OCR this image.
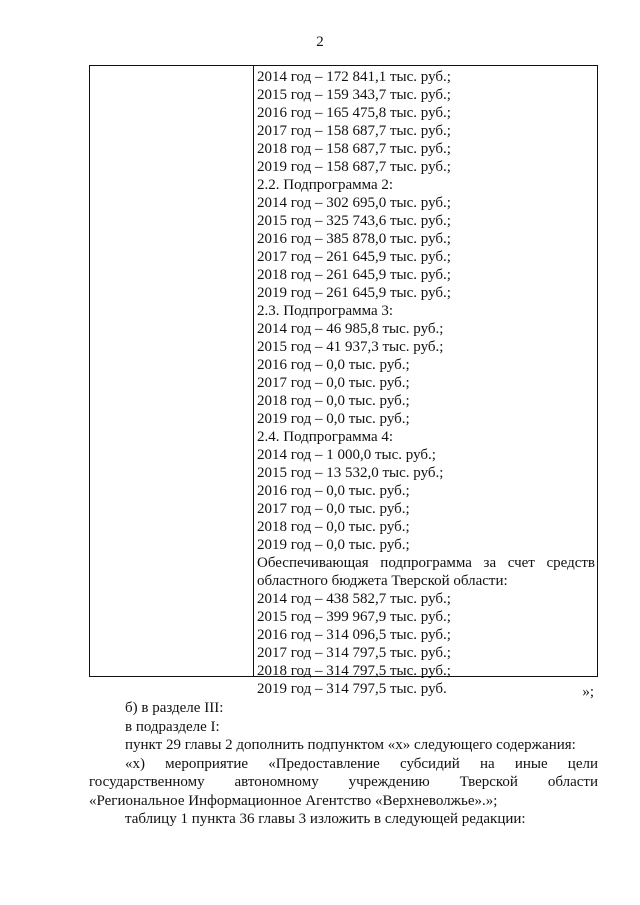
2
2014 год – 172 841,1 тыс. руб.;
2015 год – 159 343,7 тыс. руб.;
2016 год – 165 475,8 тыс. руб.;
2017 год – 158 687,7 тыс. руб.;
2018 год – 158 687,7 тыс. руб.;
2019 год – 158 687,7 тыс. руб.;
2.2. Подпрограмма 2:
2014 год – 302 695,0 тыс. руб.;
2015 год – 325 743,6 тыс. руб.;
2016 год – 385 878,0 тыс. руб.;
2017 год – 261 645,9 тыс. руб.;
2018 год – 261 645,9 тыс. руб.;
2019 год – 261 645,9 тыс. руб.;
2.3. Подпрограмма 3:
2014 год – 46 985,8 тыс. руб.;
2015 год – 41 937,3 тыс. руб.;
2016 год – 0,0 тыс. руб.;
2017 год – 0,0 тыс. руб.;
2018 год – 0,0 тыс. руб.;
2019 год – 0,0 тыс. руб.;
2.4. Подпрограмма 4:
2014 год – 1 000,0 тыс. руб.;
2015 год – 13 532,0 тыс. руб.;
2016 год – 0,0 тыс. руб.;
2017 год – 0,0 тыс. руб.;
2018 год – 0,0 тыс. руб.;
2019 год – 0,0 тыс. руб.;
Обеспечивающая подпрограмма за счет средств
областного бюджета Тверской области:
2014 год – 438 582,7 тыс. руб.;
2015 год – 399 967,9 тыс. руб.;
2016 год – 314 096,5 тыс. руб.;
2017 год – 314 797,5 тыс. руб.;
2018 год – 314 797,5 тыс. руб.;
2019 год – 314 797,5 тыс. руб.	»;
б) в разделе III:
в подразделе I:
пункт 29 главы 2 дополнить подпунктом «х» следующего содержания:
«х) мероприятие «Предоставление субсидий на иные цели
государственному автономному учреждению Тверской области
«Региональное Информационное Агентство «Верхневолжье».»;
таблицу 1 пункта 36 главы 3 изложить в следующей редакции:
